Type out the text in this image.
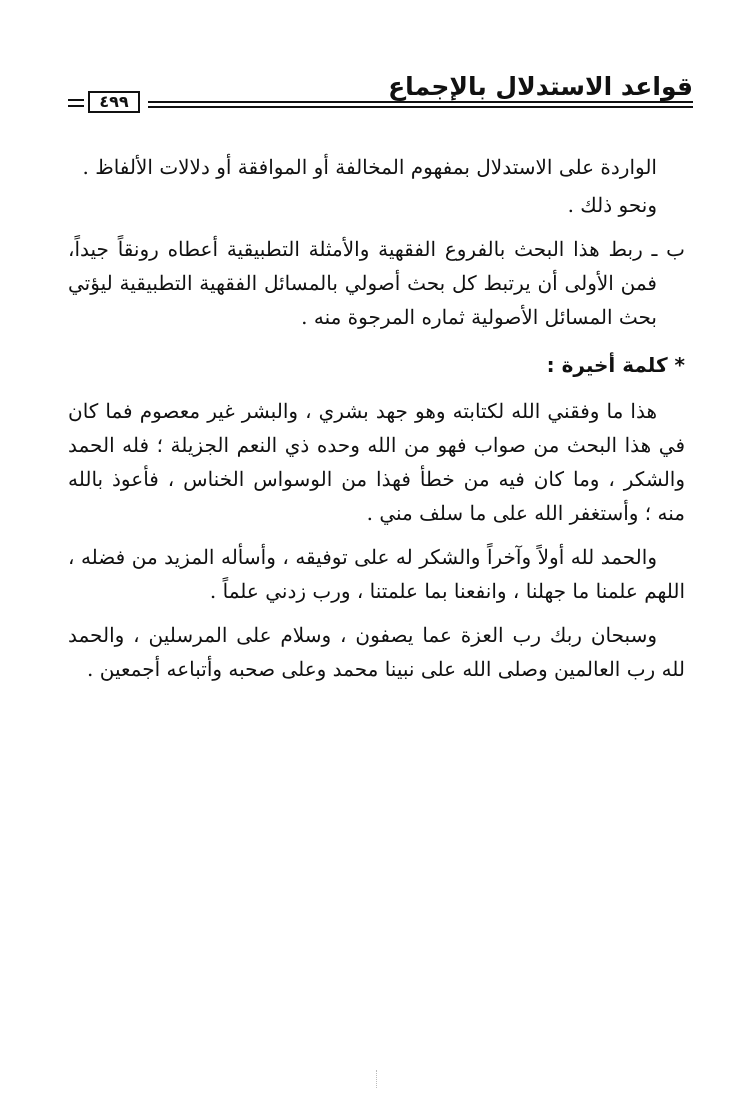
قواعد الاستدلال بالإجماع
٤٩٩

الواردة على الاستدلال بمفهوم المخالفة أو الموافقة أو دلالات الألفاظ .

ونحو ذلك .

ب ـ ربط هذا البحث بالفروع الفقهية والأمثلة التطبيقية أعطاه رونقاً جيداً، فمن الأولى أن يرتبط كل بحث أصولي بالمسائل الفقهية التطبيقية ليؤتي بحث المسائل الأصولية ثماره المرجوة منه .

* كلمة أخيرة :

هذا ما وفقني الله لكتابته وهو جهد بشري ، والبشر غير معصوم فما كان في هذا البحث من صواب فهو من الله وحده ذي النعم الجزيلة ؛ فله الحمد والشكر ، وما كان فيه من خطأ فهذا من الوسواس الخناس ، فأعوذ بالله منه ؛ وأستغفر الله على ما سلف مني .

والحمد لله أولاً وآخراً والشكر له على توفيقه ، وأسأله المزيد من فضله ، اللهم علمنا ما جهلنا ، وانفعنا بما علمتنا ، ورب زدني علماً .

وسبحان ربك رب العزة عما يصفون ، وسلام على المرسلين ، والحمد لله رب العالمين وصلى الله على نبينا محمد وعلى صحبه وأتباعه أجمعين .
